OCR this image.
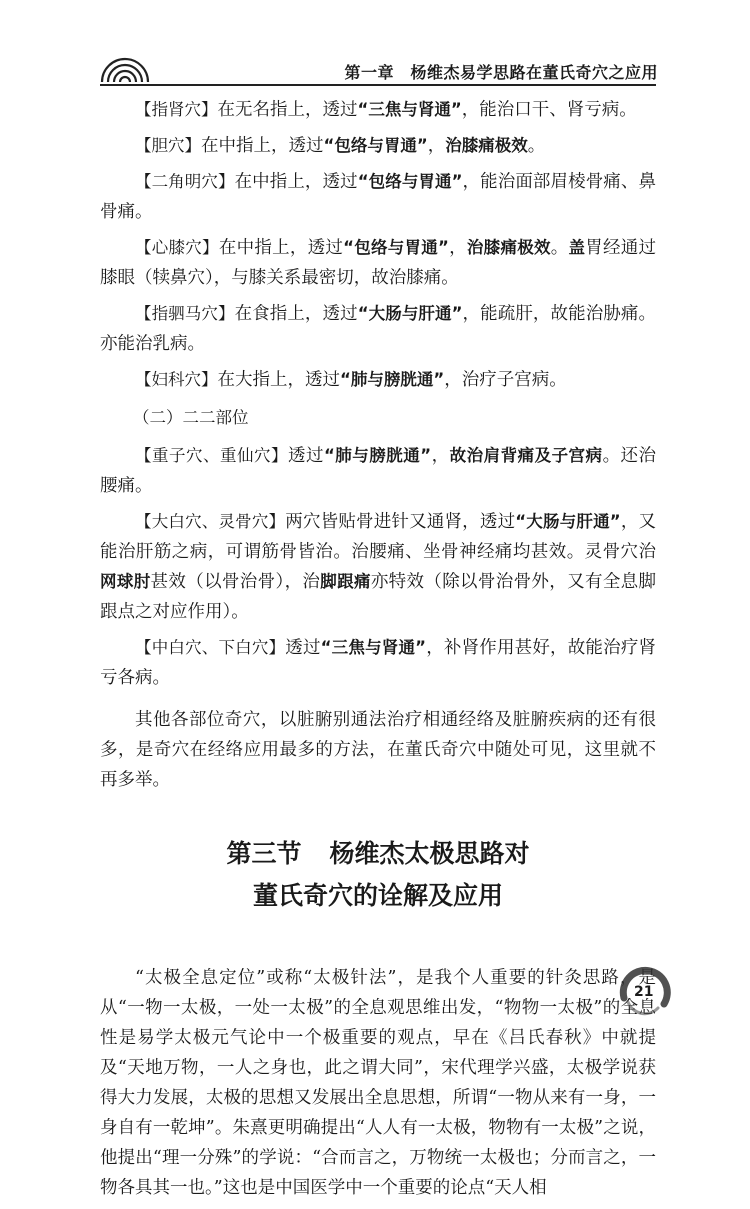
第一章　杨维杰易学思路在董氏奇穴之应用

【指肾穴】在无名指上，透过“三焦与肾通”，能治口干、肾亏病。

【胆穴】在中指上，透过“包络与胃通”，治膝痛极效。

【二角明穴】在中指上，透过“包络与胃通”，能治面部眉棱骨痛、鼻骨痛。

【心膝穴】在中指上，透过“包络与胃通”，治膝痛极效。盖胃经通过膝眼（犊鼻穴），与膝关系最密切，故治膝痛。

【指驷马穴】在食指上，透过“大肠与肝通”，能疏肝，故能治胁痛。亦能治乳病。

【妇科穴】在大指上，透过“肺与膀胱通”，治疗子宫病。

（二）二二部位

【重子穴、重仙穴】透过“肺与膀胱通”，故治肩背痛及子宫病。还治腰痛。

【大白穴、灵骨穴】两穴皆贴骨进针又通肾，透过“大肠与肝通”，又能治肝筋之病，可谓筋骨皆治。治腰痛、坐骨神经痛均甚效。灵骨穴治网球肘甚效（以骨治骨），治脚跟痛亦特效（除以骨治骨外，又有全息脚跟点之对应作用）。

【中白穴、下白穴】透过“三焦与肾通”，补肾作用甚好，故能治疗肾亏各病。

其他各部位奇穴，以脏腑别通法治疗相通经络及脏腑疾病的还有很多，是奇穴在经络应用最多的方法，在董氏奇穴中随处可见，这里就不再多举。

第三节 杨维杰太极思路对
董氏奇穴的诠解及应用

“太极全息定位”或称“太极针法”，是我个人重要的针灸思路，是从“一物一太极，一处一太极”的全息观思维出发，“物物一太极”的全息性是易学太极元气论中一个极重要的观点，早在《吕氏春秋》中就提及“天地万物，一人之身也，此之谓大同”，宋代理学兴盛，太极学说获得大力发展，太极的思想又发展出全息思想，所谓“一物从来有一身，一身自有一乾坤”。朱熹更明确提出“人人有一太极，物物有一太极”之说，他提出“理一分殊”的学说：“合而言之，万物统一太极也；分而言之，一物各具其一也。”这也是中国医学中一个重要的论点“天人相

21
